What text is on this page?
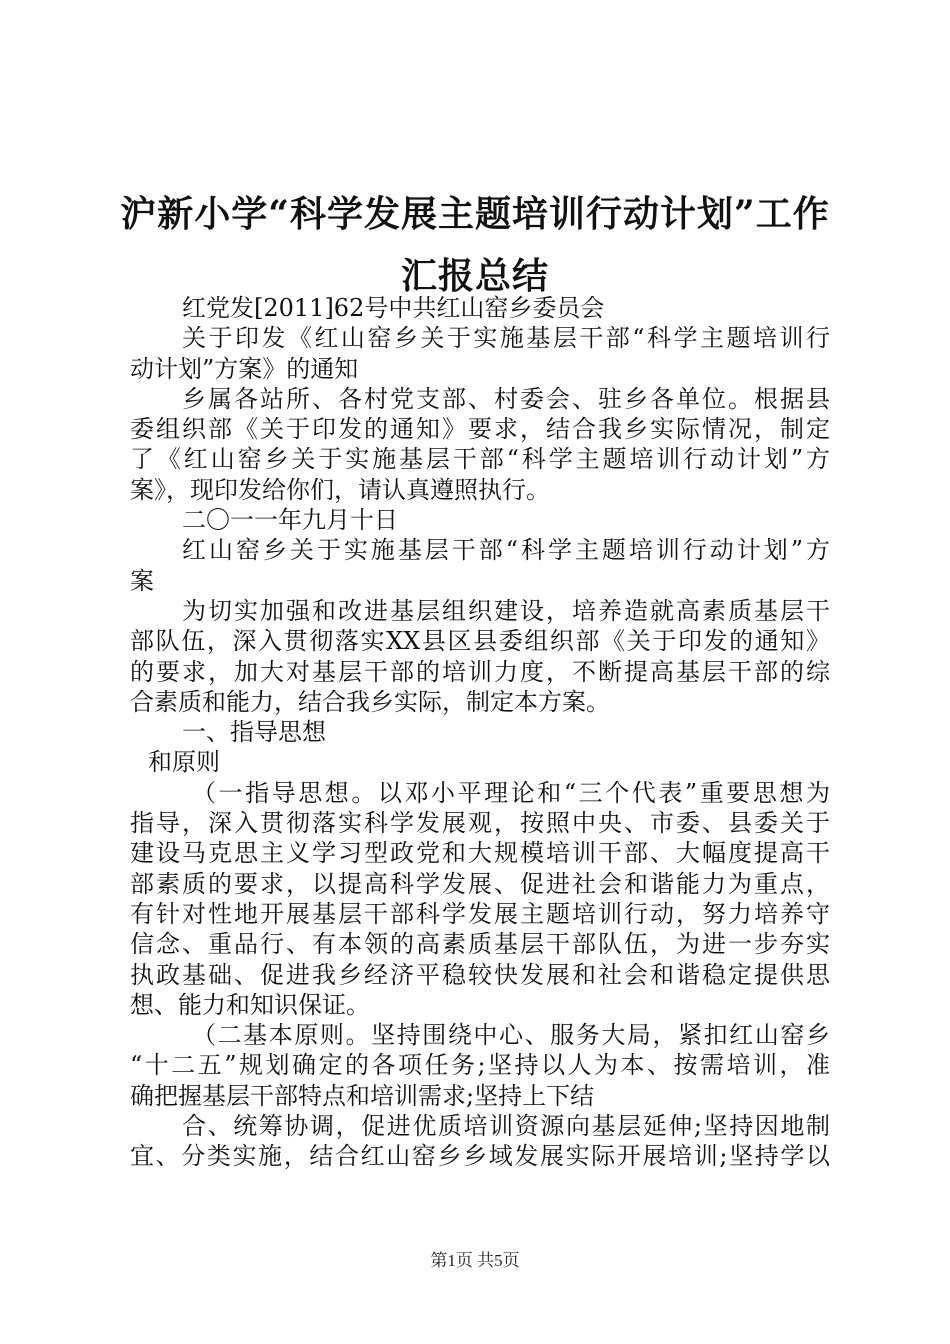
沪新小学“科学发展主题培训行动计划”工作
汇报总结
红党发[2011]62号中共红山窑乡委员会
关于印发《红山窑乡关于实施基层干部“科学主题培训行
动计划”方案》的通知
乡属各站所、各村党支部、村委会、驻乡各单位。根据县
委组织部《关于印发的通知》要求，结合我乡实际情况，制定
了《红山窑乡关于实施基层干部“科学主题培训行动计划”方
案》，现印发给你们，请认真遵照执行。
二〇一一年九月十日
红山窑乡关于实施基层干部“科学主题培训行动计划”方
案
为切实加强和改进基层组织建设，培养造就高素质基层干
部队伍，深入贯彻落实XX县区县委组织部《关于印发的通知》
的要求，加大对基层干部的培训力度，不断提高基层干部的综
合素质和能力，结合我乡实际，制定本方案。
一、指导思想
和原则
（一指导思想。以邓小平理论和“三个代表”重要思想为
指导，深入贯彻落实科学发展观，按照中央、市委、县委关于
建设马克思主义学习型政党和大规模培训干部、大幅度提高干
部素质的要求，以提高科学发展、促进社会和谐能力为重点，
有针对性地开展基层干部科学发展主题培训行动，努力培养守
信念、重品行、有本领的高素质基层干部队伍，为进一步夯实
执政基础、促进我乡经济平稳较快发展和社会和谐稳定提供思
想、能力和知识保证。
（二基本原则。坚持围绕中心、服务大局，紧扣红山窑乡
“十二五”规划确定的各项任务;坚持以人为本、按需培训，准
确把握基层干部特点和培训需求;坚持上下结
合、统筹协调，促进优质培训资源向基层延伸;坚持因地制
宜、分类实施，结合红山窑乡乡域发展实际开展培训;坚持学以
第1页 共5页
